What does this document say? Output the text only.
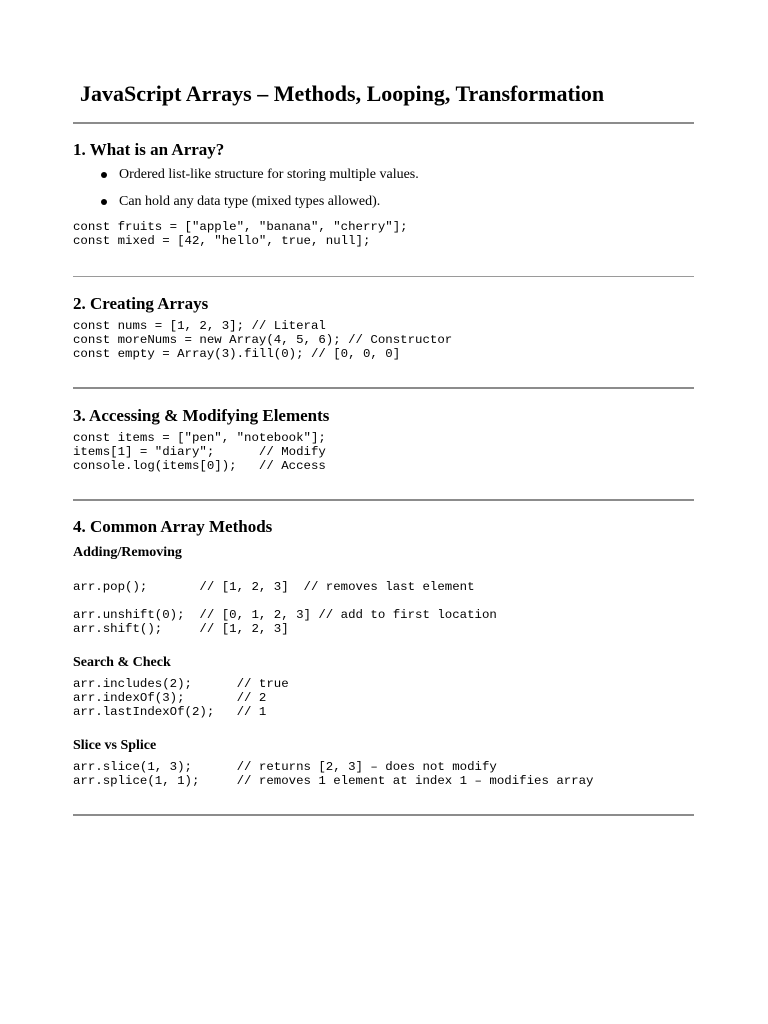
JavaScript Arrays – Methods, Looping, Transformation
1. What is an Array?
Ordered list-like structure for storing multiple values.
Can hold any data type (mixed types allowed).
const fruits = ["apple", "banana", "cherry"];
const mixed = [42, "hello", true, null];
2. Creating Arrays
const nums = [1, 2, 3]; // Literal
const moreNums = new Array(4, 5, 6); // Constructor
const empty = Array(3).fill(0); // [0, 0, 0]
3. Accessing & Modifying Elements
const items = ["pen", "notebook"];
items[1] = "diary";      // Modify
console.log(items[0]);   // Access
4. Common Array Methods
Adding/Removing
arr.pop();       // [1, 2, 3]  // removes last element
arr.unshift(0);  // [0, 1, 2, 3] // add to first location
arr.shift();     // [1, 2, 3]
Search & Check
arr.includes(2);      // true
arr.indexOf(3);       // 2
arr.lastIndexOf(2);   // 1
Slice vs Splice
arr.slice(1, 3);      // returns [2, 3] – does not modify
arr.splice(1, 1);     // removes 1 element at index 1 – modifies array
